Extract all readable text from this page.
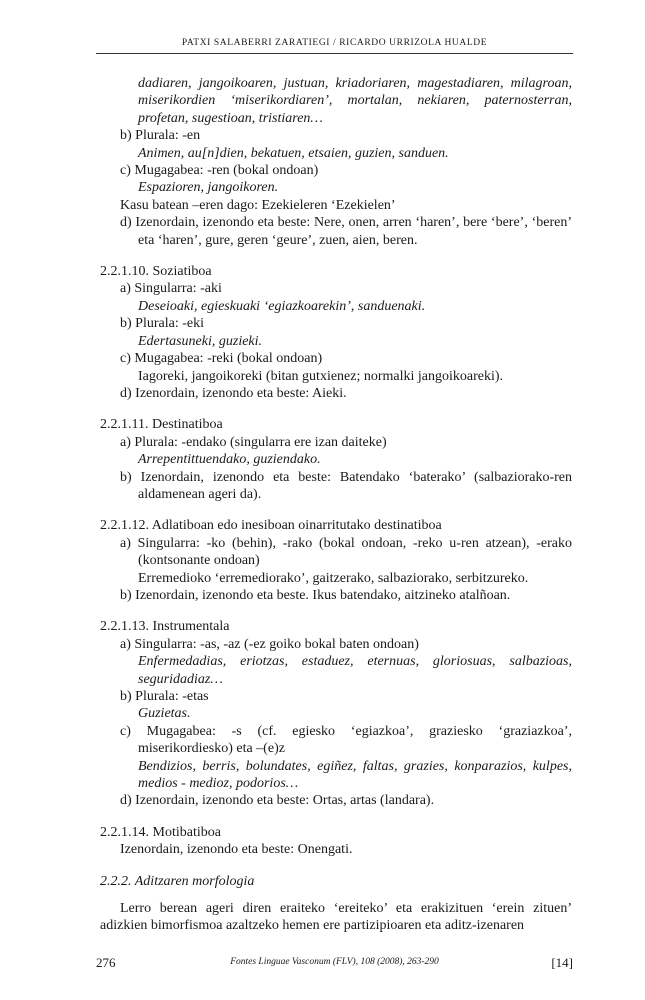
PATXI SALABERRI ZARATIEGI / RICARDO URRIZOLA HUALDE
dadiaren, jangoikoaren, justuan, kriadoriaren, magestadiaren, milagroan, miserikordien ‘miserikordiaren’, mortalan, nekiaren, paternosterran, profetan, sugestioan, tristiaren…
b) Plurala: -en
Animen, au[n]dien, bekatuen, etsaien, guzien, sanduen.
c) Mugagabea: -ren (bokal ondoan)
Espazioren, jangoikoren.
Kasu batean –eren dago: Ezekieleren ‘Ezekielen’
d) Izenordain, izenondo eta beste: Nere, onen, arren ‘haren’, bere ‘bere’, ‘beren’ eta ‘haren’, gure, geren ‘geure’, zuen, aien, beren.
2.2.1.10. Soziatiboa
a) Singularra: -aki
Deseioaki, egieskuaki ‘egiazkoarekin’, sanduenaki.
b) Plurala: -eki
Edertasuneki, guzieki.
c) Mugagabea: -reki (bokal ondoan)
Iagoreki, jangoikoreki (bitan gutxienez; normalki jangoikoareki).
d) Izenordain, izenondo eta beste: Aieki.
2.2.1.11. Destinatiboa
a) Plurala: -endako (singularra ere izan daiteke)
Arrepentittuendako, guziendako.
b) Izenordain, izenondo eta beste: Batendako ‘baterako’ (salbaziorako-ren aldamenean ageri da).
2.2.1.12. Adlatiboan edo inesiboan oinarritutako destinatiboa
a) Singularra: -ko (behin), -rako (bokal ondoan, -reko u-ren atzean), -erako (kontsonante ondoan)
Erremedioko ‘erremediorako’, gaitzerako, salbaziorako, serbitzureko.
b) Izenordain, izenondo eta beste. Ikus batendako, aitzineko atalñoan.
2.2.1.13. Instrumentala
a) Singularra: -as, -az (-ez goiko bokal baten ondoan)
Enfermedadias, eriotzas, estaduez, eternuas, gloriosuas, salbazioas, seguridadiaz…
b) Plurala: -etas
Guzietas.
c) Mugagabea: -s (cf. egiesko ‘egiazkoa’, graziesko ‘graziazkoa’, miserikordiesko) eta –(e)z
Bendizios, berris, bolundates, egiñez, faltas, grazies, konparazios, kulpes, medios - medioz, podorios…
d) Izenordain, izenondo eta beste: Ortas, artas (landara).
2.2.1.14. Motibatiboa
Izenordain, izenondo eta beste: Onengati.
2.2.2. Aditzaren morfologia
Lerro berean ageri diren eraiteko ‘ereiteko’ eta erakizituen ‘erein zituen’ adizkien bimorfismoa azaltzeko hemen ere partizipioaren eta aditz-izenaren
276	Fontes Linguae Vasconum (FLV), 108 (2008), 263-290	[14]
